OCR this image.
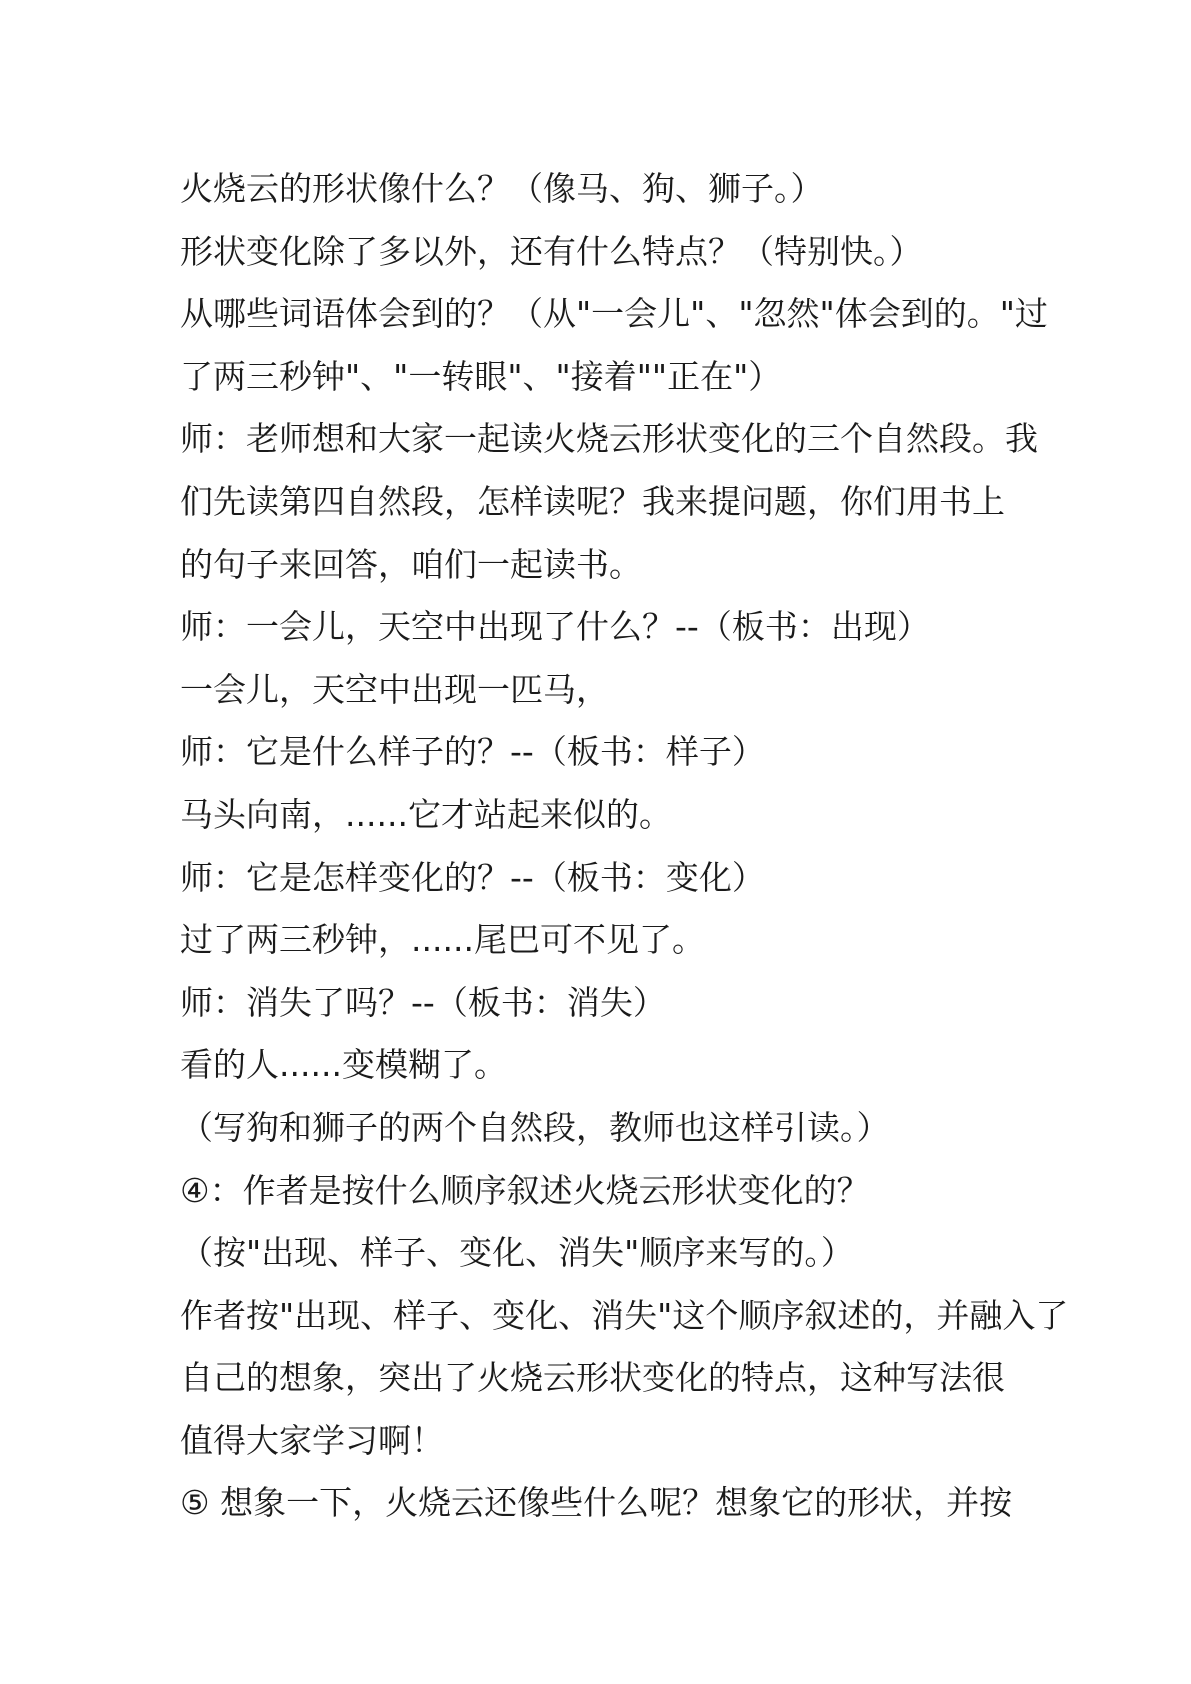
火烧云的形状像什么？（像马、狗、狮子。）
形状变化除了多以外，还有什么特点？（特别快。）
从哪些词语体会到的？（从"一会儿"、"忽然"体会到的。"过
了两三秒钟"、"一转眼"、"接着""正在"）
师：老师想和大家一起读火烧云形状变化的三个自然段。我
们先读第四自然段，怎样读呢？我来提问题，你们用书上
的句子来回答，咱们一起读书。
师：一会儿，天空中出现了什么？--（板书：出现）
一会儿，天空中出现一匹马，
师：它是什么样子的？--（板书：样子）
马头向南，......它才站起来似的。
师：它是怎样变化的？--（板书：变化）
过了两三秒钟，......尾巴可不见了。
师：消失了吗？--（板书：消失）
看的人......变模糊了。
（写狗和狮子的两个自然段，教师也这样引读。）
④：作者是按什么顺序叙述火烧云形状变化的？
（按"出现、样子、变化、消失"顺序来写的。）
作者按"出现、样子、变化、消失"这个顺序叙述的，并融入了
自己的想象，突出了火烧云形状变化的特点，这种写法很
值得大家学习啊！
⑤ 想象一下，火烧云还像些什么呢？想象它的形状，并按
